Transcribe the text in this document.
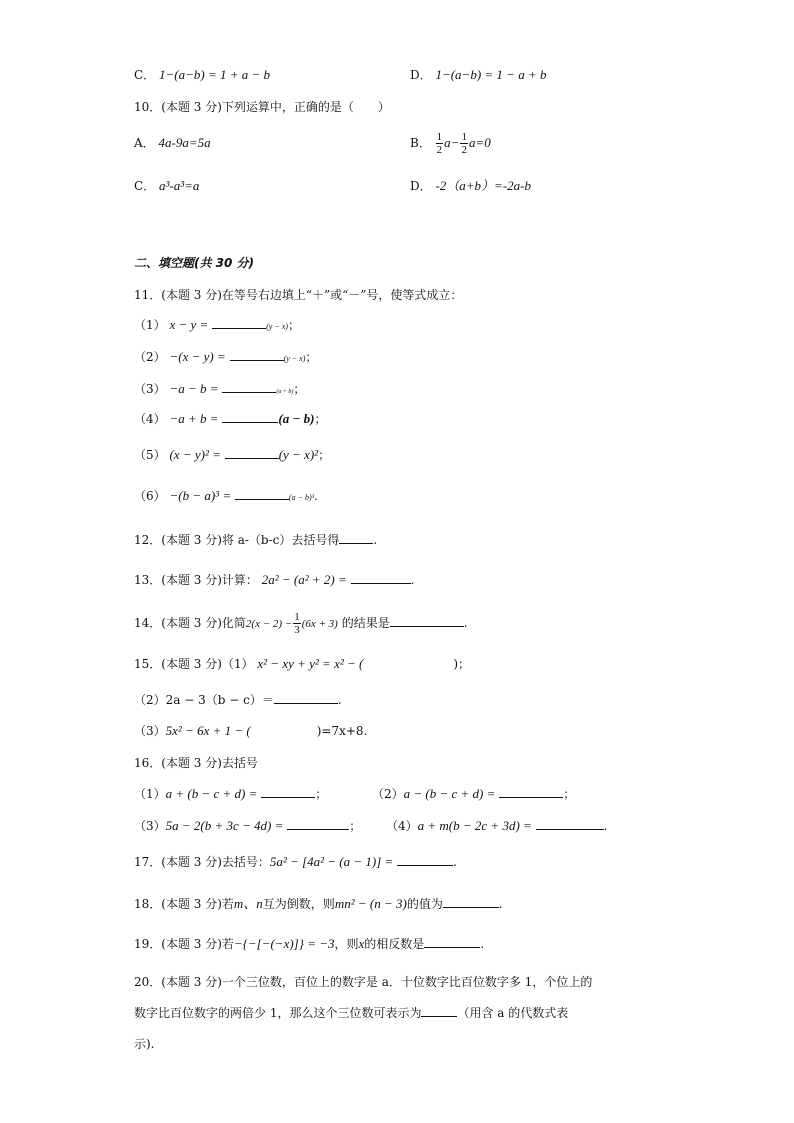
C． 1−(a−b) = 1 + a − b	D． 1−(a−b) = 1 − a + b
10．(本题 3 分)下列运算中，正确的是（　　）
A． 4a-9a=5a	B． $\frac{1}{2} a- \frac{1}{2} a=0$
C． a³-a³=a	D． -2（a+b）=-2a-b
二、填空题(共 30 分)
11．(本题 3 分)在等号右边填上“＋”或“－”号，使等式成立：
（1） x − y =	(y − x)；
（2） −(x − y) =	(y − x)；
（3） −a − b =	(a + b)；
（4） −a + b =	(a − b)；
（5） (x − y)² =	(y − x)²；
（6） −(b − a)³ =	(a − b)³.
12．(本题 3 分)将 a-（b-c）去括号得	.
13．(本题 3 分)计算： 2a² − (a² + 2) =	.
14．(本题 3 分)化简$2(x - 2) - \frac{1}{3} (6x + 3)$ 的结果是	.
15．(本题 3 分)（1） x² − xy + y² = x² − (	)；
（2）2a − 3（b − c）＝	.
（3）5x² − 6x + 1 − (	)=7x+8.
16．(本题 3 分)去括号
（1）a + (b − c + d) =	；	（2）a − (b − c + d) =	；
（3）5a − 2(b + 3c − 4d) =	； （4）a + m(b − 2c + 3d) =	.
17．(本题 3 分)去括号：5a² − [4a² − (a − 1)] =	.
18．(本题 3 分)若m、n互为倒数，则mn² − (n − 3)的值为	.
19．(本题 3 分)若−{−[−(−x)]} = −3，则x的相反数是	.
20．(本题 3 分)一个三位数，百位上的数字是 a．十位数字比百位数字多 1，个位上的
数字比百位数字的两倍少 1，那么这个三位数可表示为	（用含 a 的代数式表
示).
